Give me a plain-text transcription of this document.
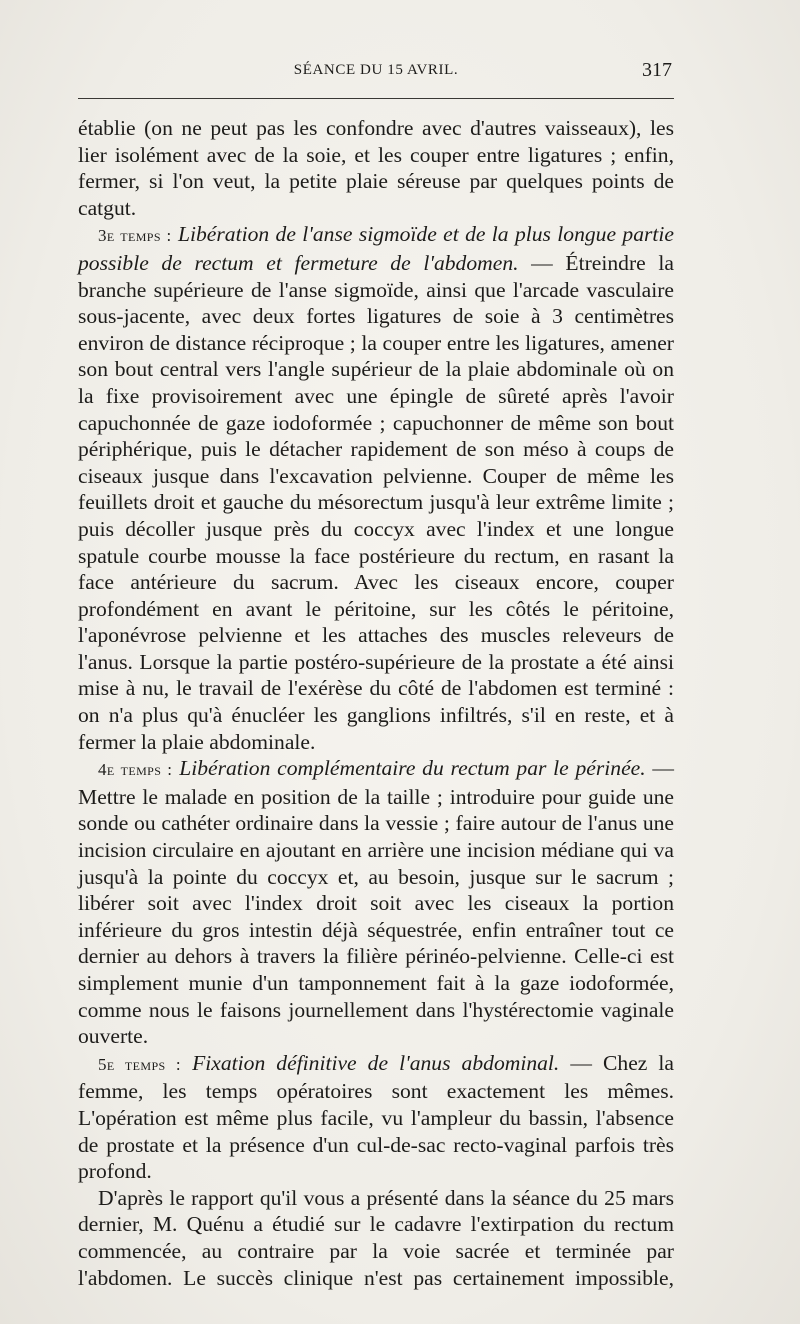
SÉANCE DU 15 AVRIL.	317

établie (on ne peut pas les confondre avec d'autres vaisseaux), les lier isolément avec de la soie, et les couper entre ligatures ; enfin, fermer, si l'on veut, la petite plaie séreuse par quelques points de catgut.

3e temps : Libération de l'anse sigmoïde et de la plus longue partie possible de rectum et fermeture de l'abdomen. — Étreindre la branche supérieure de l'anse sigmoïde, ainsi que l'arcade vasculaire sous-jacente, avec deux fortes ligatures de soie à 3 centimètres environ de distance réciproque ; la couper entre les ligatures, amener son bout central vers l'angle supérieur de la plaie abdominale où on la fixe provisoirement avec une épingle de sûreté après l'avoir capuchonnée de gaze iodoformée ; capuchonner de même son bout périphérique, puis le détacher rapidement de son méso à coups de ciseaux jusque dans l'excavation pelvienne. Couper de même les feuillets droit et gauche du mésorectum jusqu'à leur extrême limite ; puis décoller jusque près du coccyx avec l'index et une longue spatule courbe mousse la face postérieure du rectum, en rasant la face antérieure du sacrum. Avec les ciseaux encore, couper profondément en avant le péritoine, sur les côtés le péritoine, l'aponévrose pelvienne et les attaches des muscles releveurs de l'anus. Lorsque la partie postéro-supérieure de la prostate a été ainsi mise à nu, le travail de l'exérèse du côté de l'abdomen est terminé : on n'a plus qu'à énucléer les ganglions infiltrés, s'il en reste, et à fermer la plaie abdominale.

4e temps : Libération complémentaire du rectum par le périnée. — Mettre le malade en position de la taille ; introduire pour guide une sonde ou cathéter ordinaire dans la vessie ; faire autour de l'anus une incision circulaire en ajoutant en arrière une incision médiane qui va jusqu'à la pointe du coccyx et, au besoin, jusque sur le sacrum ; libérer soit avec l'index droit soit avec les ciseaux la portion inférieure du gros intestin déjà séquestrée, enfin entraîner tout ce dernier au dehors à travers la filière périnéo-pelvienne. Celle-ci est simplement munie d'un tamponnement fait à la gaze iodoformée, comme nous le faisons journellement dans l'hystérectomie vaginale ouverte.

5e temps : Fixation définitive de l'anus abdominal. — Chez la femme, les temps opératoires sont exactement les mêmes. L'opération est même plus facile, vu l'ampleur du bassin, l'absence de prostate et la présence d'un cul-de-sac recto-vaginal parfois très profond.

D'après le rapport qu'il vous a présenté dans la séance du 25 mars dernier, M. Quénu a étudié sur le cadavre l'extirpation du rectum commencée, au contraire par la voie sacrée et terminée par l'abdomen. Le succès clinique n'est pas certainement impossible,
